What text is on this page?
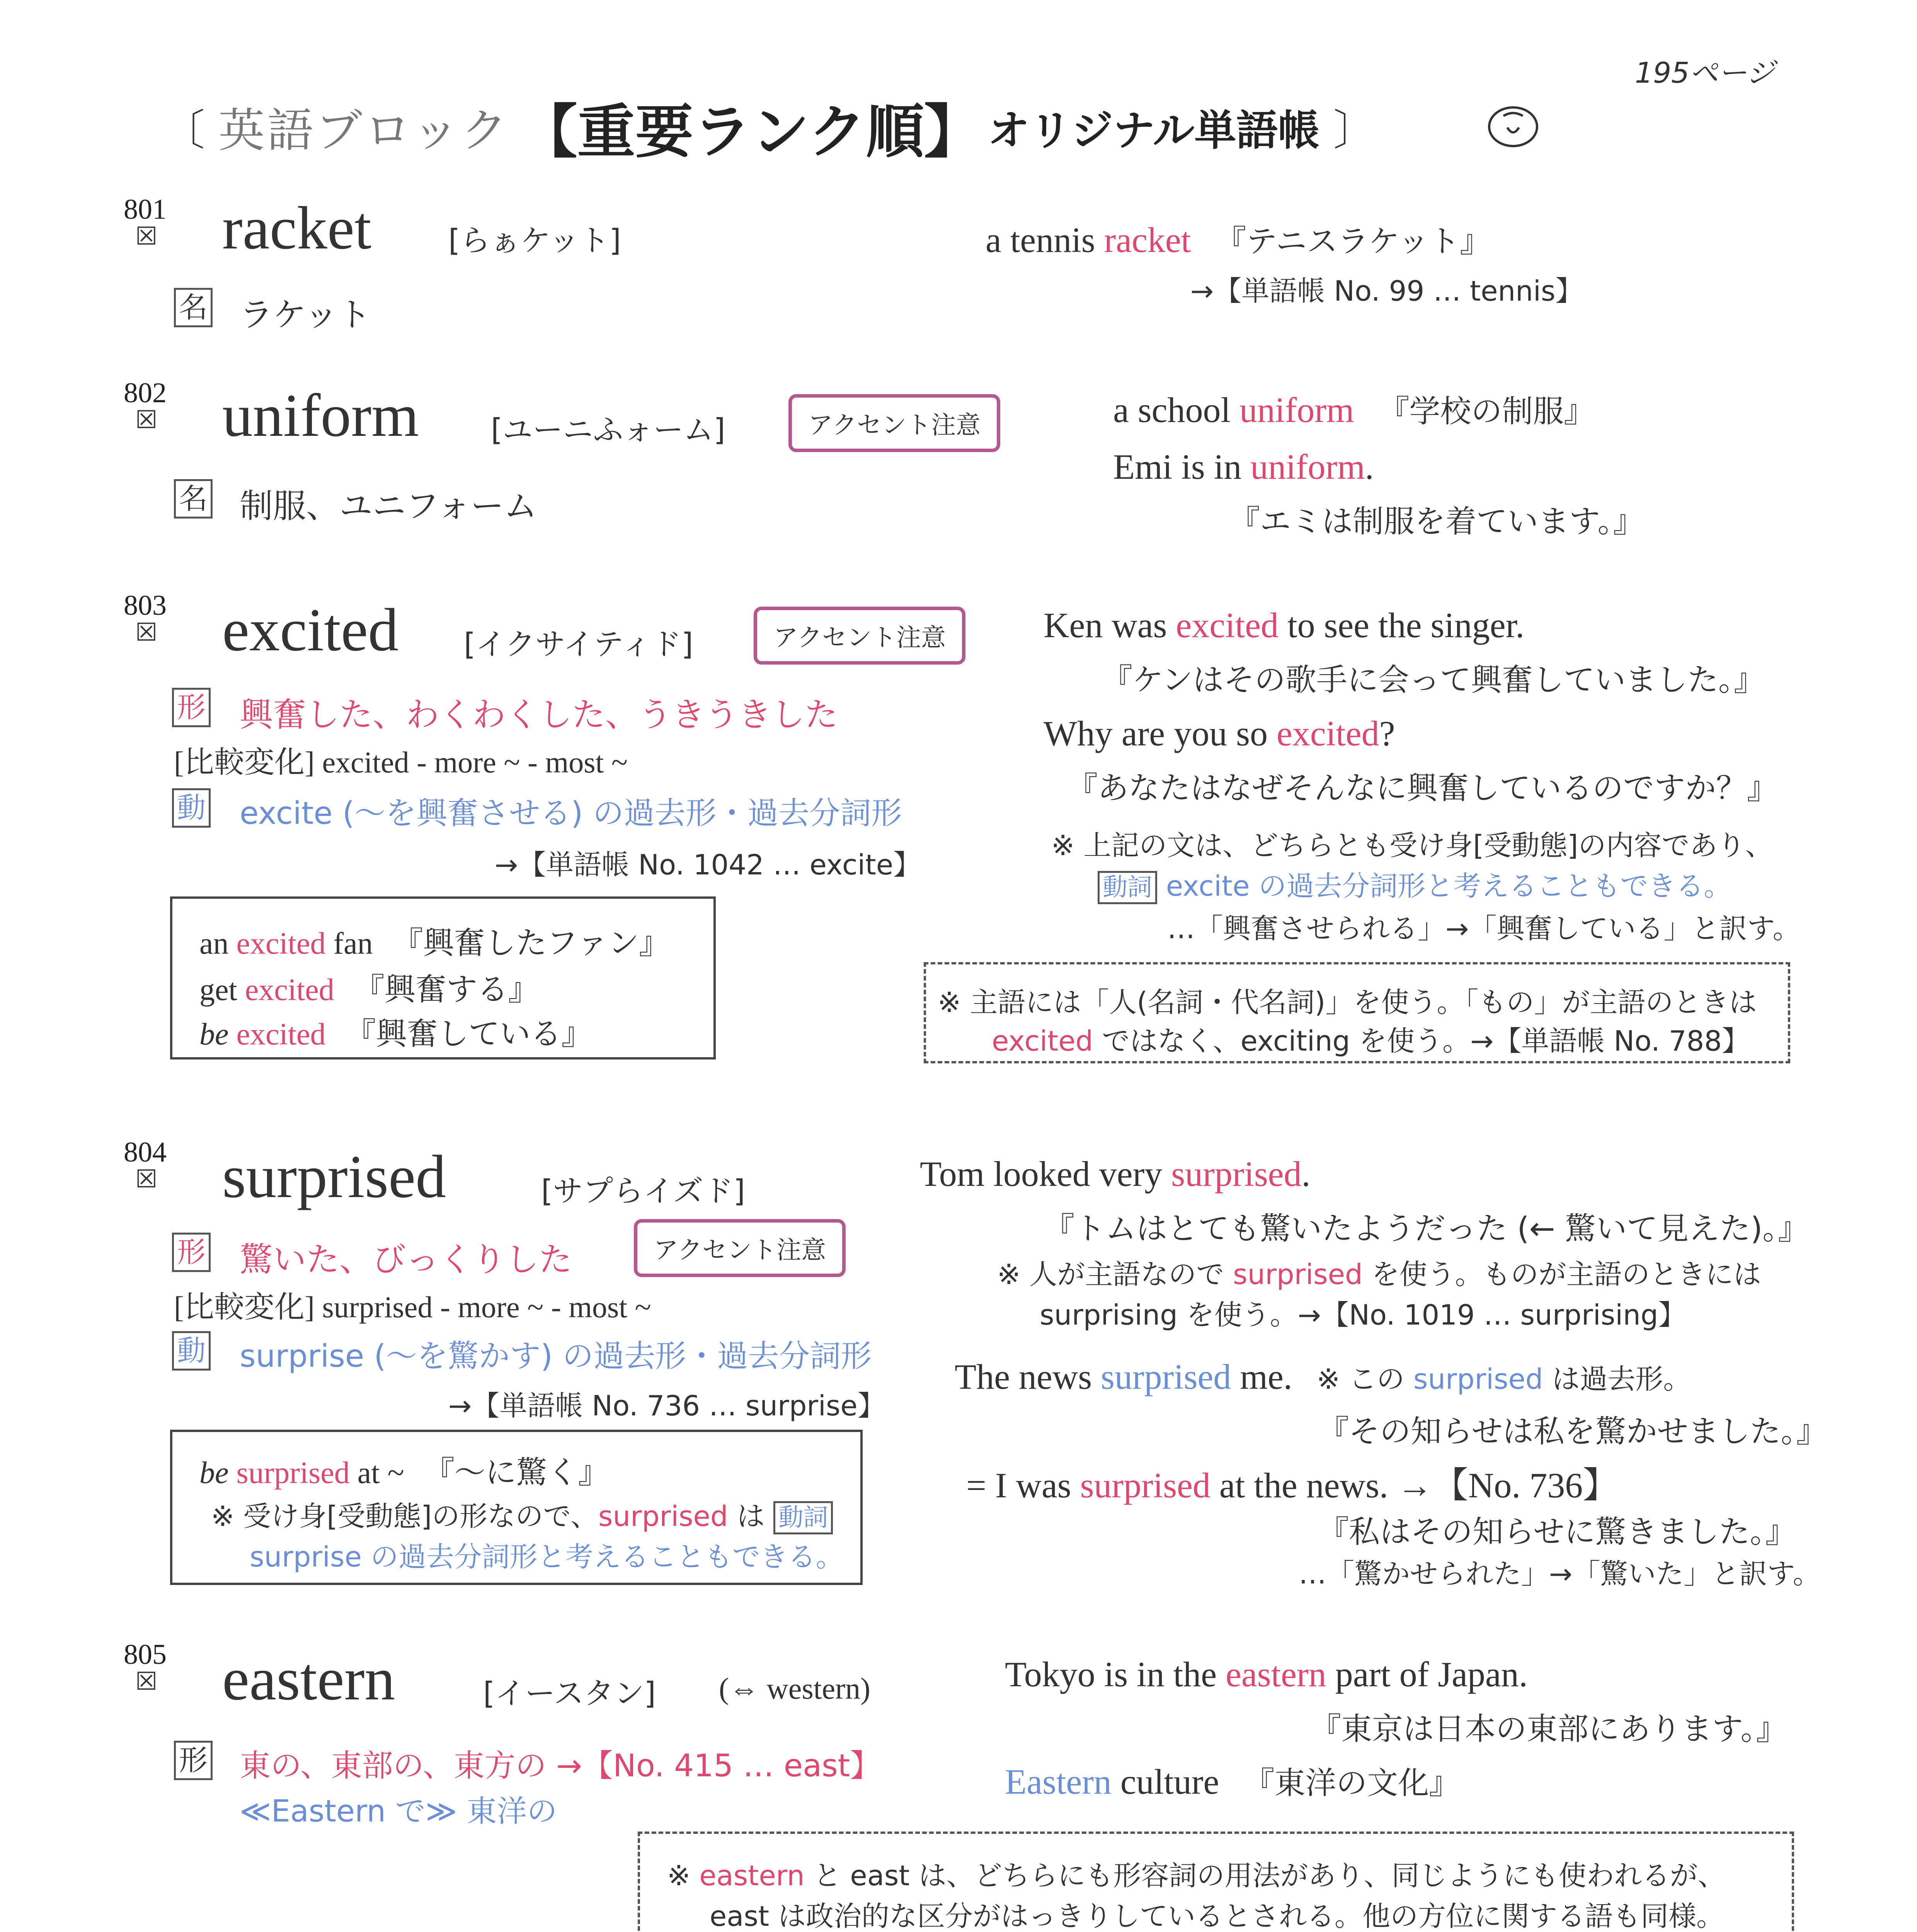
195ページ
〔 英語ブロック 【重要ランク順】 オリジナル単語帳 〕
801
☒ racket	[らぁケット]
名 ラケット
a tennis racket 『テニスラケット』
→【単語帳 No. 99 … tennis】
802
☒ uniform [ユーニふォーム]	アクセント注意
名 制服、ユニフォーム
a school uniform 『学校の制服』
Emi is in uniform.
『エミは制服を着ています。』
803
☒ excited [イクサイティド]	アクセント注意
形 興奮した、わくわくした、うきうきした
[比較変化] excited - more ~ - most ~
動 excite (～を興奮させる) の過去形・過去分詞形
→【単語帳 No. 1042 … excite】
an excited fan 『興奮したファン』
get excited 『興奮する』
be excited 『興奮している』
Ken was excited to see the singer.
『ケンはその歌手に会って興奮していました。』
Why are you so excited?
『あなたはなぜそんなに興奮しているのですか？』
※ 上記の文は、どちらとも受け身[受動態]の内容であり、
動詞 excite の過去分詞形と考えることもできる。
…「興奮させられる」→「興奮している」と訳す。
※ 主語には「人(名詞・代名詞)」を使う。「もの」が主語のときは
excited ではなく、exciting を使う。→【単語帳 No. 788】
804
☒ surprised	[サプらイズド]
形 驚いた、びっくりした	アクセント注意
[比較変化] surprised - more ~ - most ~
動 surprise (～を驚かす) の過去形・過去分詞形
→【単語帳 No. 736 … surprise】
be surprised at ~ 『～に驚く』
※ 受け身[受動態]の形なので、surprised は 動詞
surprise の過去分詞形と考えることもできる。
Tom looked very surprised.
『トムはとても驚いたようだった (← 驚いて見えた)。』
※ 人が主語なので surprised を使う。ものが主語のときには
surprising を使う。→【No. 1019 … surprising】
The news surprised me. ※ この surprised は過去形。
『その知らせは私を驚かせました。』
= I was surprised at the news. →【No. 736】
『私はその知らせに驚きました。』
…「驚かせられた」→「驚いた」と訳す。
805
☒ eastern	[イースタン] (⇔ western)
形 東の、東部の、東方の →【No. 415 … east】
≪Eastern で≫ 東洋の
Tokyo is in the eastern part of Japan.
『東京は日本の東部にあります。』
Eastern culture 『東洋の文化』
※ eastern と east は、どちらにも形容詞の用法があり、同じようにも使われるが、
east は政治的な区分がはっきりしているとされる。他の方位に関する語も同様。
